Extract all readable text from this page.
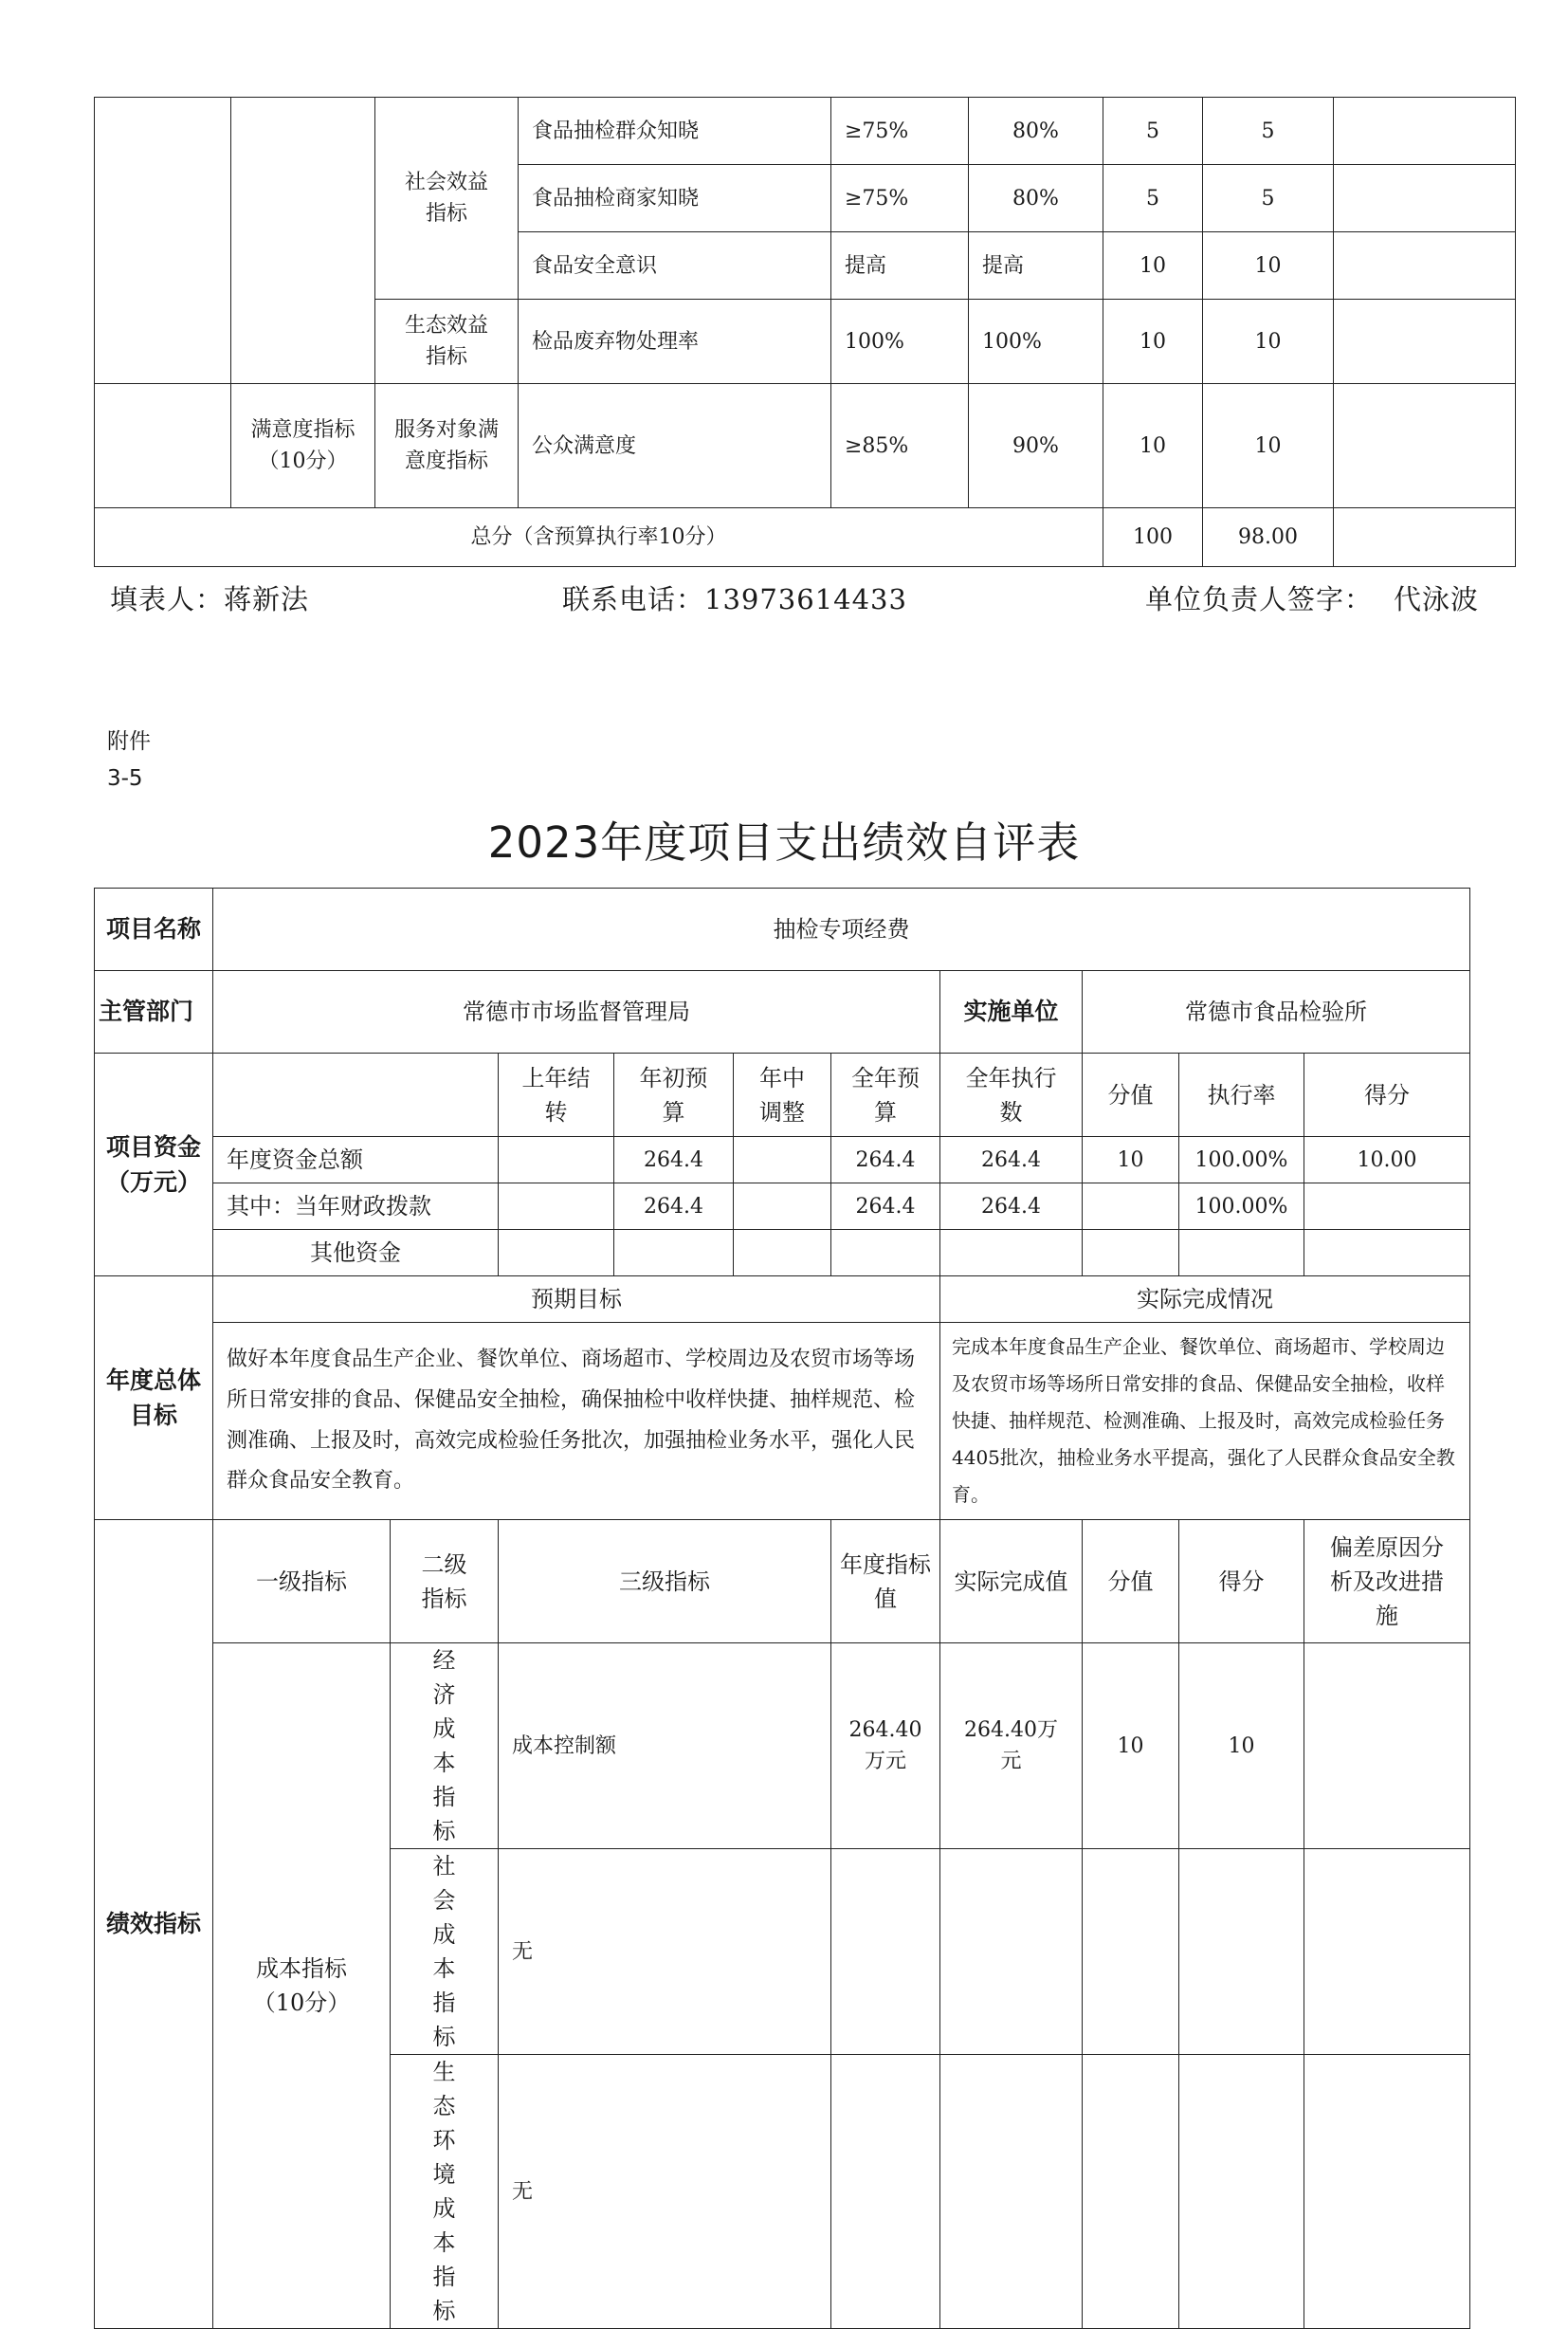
		社会效益指标	食品抽检群众知晓	≥75%	80%	5	5	
			食品抽检商家知晓	≥75%	80%	5	5	
			食品安全意识	提高	提高	10	10	
		生态效益指标	检品废弃物处理率	100%	100%	10	10	
	满意度指标（10分）	服务对象满意度指标	公众满意度	≥85%	90%	10	10	
总分（含预算执行率10分）						100	98.00	
填表人：蒋新法	联系电话：13973614433	单位负责人签字： 代泳波
附件
3-5
2023年度项目支出绩效自评表
项目名称	抽检专项经费									
主管部门	常德市市场监督管理局						实施单位	常德市食品检验所		
项目资金（万元）			上年结转	年初预算	年中调整	全年预算	全年执行数	分值	执行率	得分
	年度资金总额			264.4		264.4	264.4	10	100.00%	10.00
	其中：当年财政拨款			264.4		264.4	264.4		100.00%	
	其他资金									
年度总体目标	预期目标						实际完成情况			
	做好本年度食品生产企业、餐饮单位、商场超市、学校周边及农贸市场等场所日常安排的食品、保健品安全抽检，确保抽检中收样快捷、抽样规范、检测准确、上报及时，高效完成检验任务批次，加强抽检业务水平，强化人民群众食品安全教育。						完成本年度食品生产企业、餐饮单位、商场超市、学校周边及农贸市场等场所日常安排的食品、保健品安全抽检，收样快捷、抽样规范、检测准确、上报及时，高效完成检验任务4405批次，抽检业务水平提高，强化了人民群众食品安全教育。			
绩效指标	一级指标	二级指标	三级指标			年度指标值	实际完成值	分值	得分	偏差原因分析及改进措施
	成本指标（10分）	经济成本指标	成本控制额			264.40万元	264.40万元	10	10	
		社会成本指标	无							
		生态环境成本指标	无							
